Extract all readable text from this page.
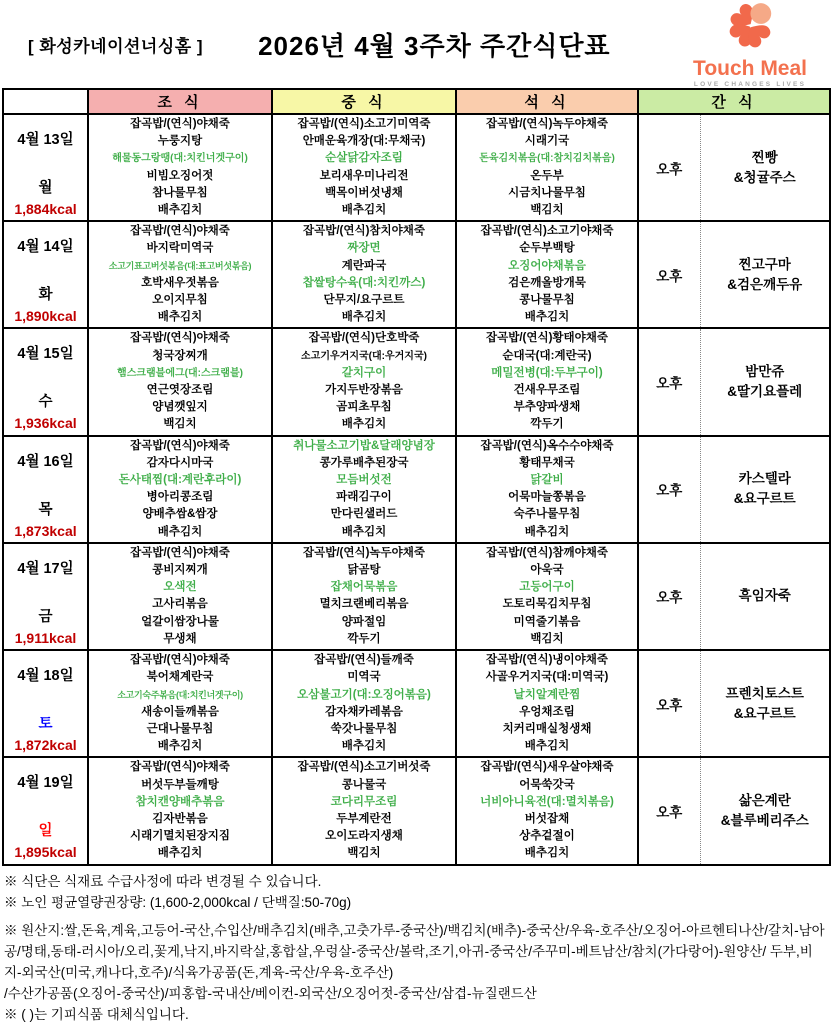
[ 화성카네이션너싱홈 ] 2026년 4월 3주차 주간식단표
Touch Meal
LOVE CHANGES LIVES
	조 식	중 식	석 식	간 식	

4월 13일
월
1,884kcal

잡곡밥/(연식)야채죽
누룽지탕
해물동그랑땡(대:치킨너겟구이)
비빔오징어젓
참나물무침
배추김치

잡곡밥/(연식)소고기미역죽
안매운육개장(대:무채국)
순살닭감자조림
보리새우미나리전
백목이버섯냉채
배추김치

잡곡밥/(연식)녹두야채죽
시래기국
돈육김치볶음(대:참치김치볶음)
온두부
시금치나물무침
백김치
	오후	
찐빵
&청귤주스

4월 14일
화
1,890kcal

잡곡밥/(연식)야채죽
바지락미역국
소고기표고버섯볶음(대:표고버섯볶음)
호박새우젓볶음
오이지무침
배추김치

잡곡밥/(연식)참치야채죽
짜장면
계란파국
찹쌀탕수육(대:치킨까스)
단무지/요구르트
배추김치

잡곡밥/(연식)소고기야채죽
순두부백탕
오징어야채볶음
검은깨올방개묵
콩나물무침
배추김치
	오후	
찐고구마
&검은깨두유

4월 15일
수
1,936kcal

잡곡밥/(연식)야채죽
청국장찌개
햄스크램블에그(대:스크램블)
연근엿장조림
양념깻잎지
백김치

잡곡밥/(연식)단호박죽
소고기우거지국(대:우거지국)
갈치구이
가지두반장볶음
곰피초무침
배추김치

잡곡밥/(연식)황태야채죽
순대국(대:계란국)
메밀전병(대:두부구이)
건새우무조림
부추양파생채
깍두기
	오후	
밤만쥬
&딸기요플레

4월 16일
목
1,873kcal

잡곡밥/(연식)야채죽
감자다시마국
돈사태찜(대:계란후라이)
병아리콩조림
양배추쌈&쌈장
배추김치

취나물소고기밥&달래양념장
콩가루배추된장국
모듬버섯전
파래김구이
만다린샐러드
배추김치

잡곡밥/(연식)옥수수야채죽
황태무채국
닭갈비
어묵마늘쫑볶음
숙주나물무침
배추김치
	오후	
카스텔라
&요구르트

4월 17일
금
1,911kcal

잡곡밥/(연식)야채죽
콩비지찌개
오색전
고사리볶음
얼갈이쌈장나물
무생채

잡곡밥/(연식)녹두야채죽
닭곰탕
잡채어묵볶음
멸치크랜베리볶음
양파절임
깍두기

잡곡밥/(연식)참깨야채죽
아욱국
고등어구이
도토리묵김치무침
미역줄기볶음
백김치
	오후	흑임자죽

4월 18일
토
1,872kcal

잡곡밥/(연식)야채죽
북어채계란국
소고기숙주볶음(대:치킨너겟구이)
새송이들깨볶음
근대나물무침
배추김치

잡곡밥/(연식)들깨죽
미역국
오삼불고기(대:오징어볶음)
감자채카레볶음
쑥갓나물무침
배추김치

잡곡밥/(연식)냉이야채죽
사골우거지국(대:미역국)
날치알계란찜
우엉채조림
치커리매실청생채
배추김치
	오후	
프렌치토스트
&요구르트

4월 19일
일
1,895kcal

잡곡밥/(연식)야채죽
버섯두부들깨탕
참치캔양배추볶음
김자반볶음
시래기멸치된장지짐
배추김치

잡곡밥/(연식)소고기버섯죽
콩나물국
코다리무조림
두부계란전
오이도라지생채
백김치

잡곡밥/(연식)새우살야채죽
어묵쑥갓국
너비아니육전(대:멸치볶음)
버섯잡채
상추겉절이
배추김치
	오후	
삶은계란
&블루베리주스
※ 식단은 식재료 수급사정에 따라 변경될 수 있습니다.
※ 노인 평균열량권장량: (1,600-2,000kcal / 단백질:50-70g)
※ 원산지:쌀,돈육,계육,고등어-국산,수입산/배추김치(배추,고춧가루-중국산)/백김치(배추)-중국산/우육-호주산/오징어-아르헨티나산/갈치-남아공/명태,동태-러시아/오리,꽃게,낙지,바지락살,홍합살,우렁살-중국산/볼락,조기,아귀-중국산/주꾸미-베트남산/참치(가다랑어)-원양산/ 두부,비지-외국산(미국,캐나다,호주)/식육가공품(돈,계육-국산/우육-호주산)
/수산가공품(오징어-중국산)/피홍합-국내산/베이컨-외국산/오징어젓-중국산/삼겹-뉴질랜드산
※ ( )는 기피식품 대체식입니다.
